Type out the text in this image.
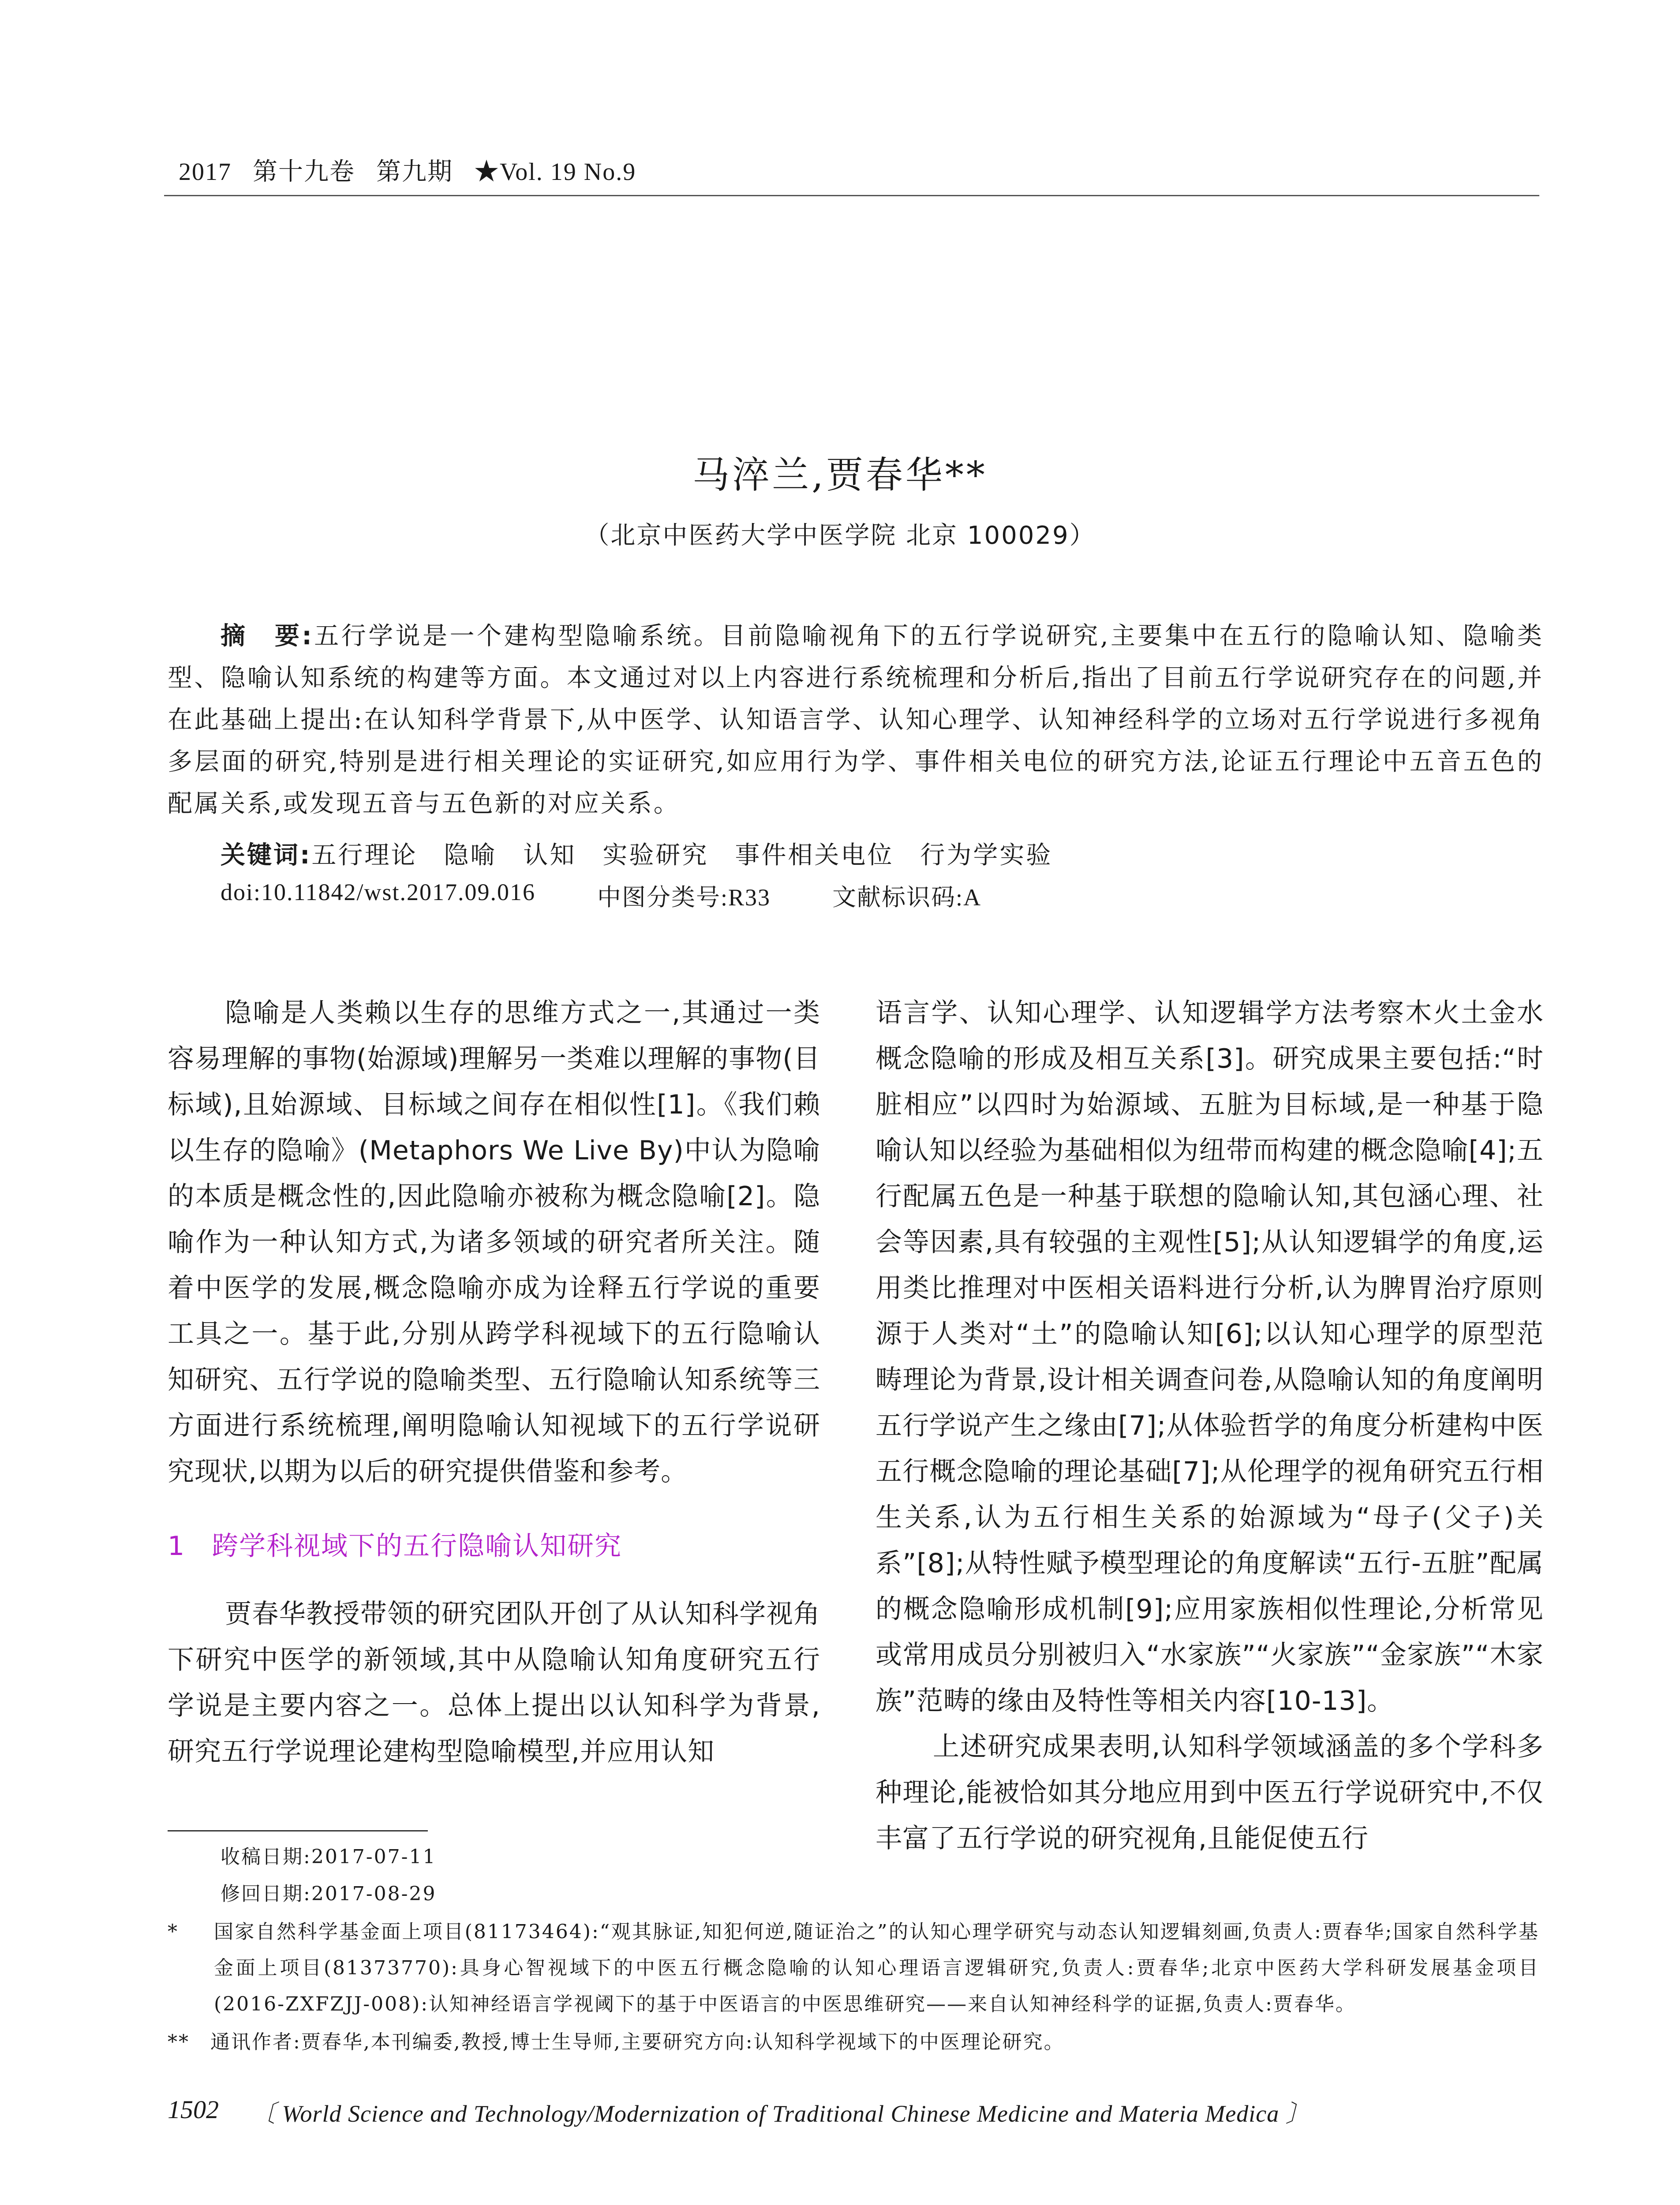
2017   第十九卷   第九期   ★Vol. 19 No.9
马淬兰,贾春华**
（北京中医药大学中医学院 北京 100029）
摘　要:五行学说是一个建构型隐喻系统。目前隐喻视角下的五行学说研究,主要集中在五行的隐喻认知、隐喻类型、隐喻认知系统的构建等方面。本文通过对以上内容进行系统梳理和分析后,指出了目前五行学说研究存在的问题,并在此基础上提出:在认知科学背景下,从中医学、认知语言学、认知心理学、认知神经科学的立场对五行学说进行多视角多层面的研究,特别是进行相关理论的实证研究,如应用行为学、事件相关电位的研究方法,论证五行理论中五音五色的配属关系,或发现五音与五色新的对应关系。
关键词:五行理论　隐喻　认知　实验研究　事件相关电位　行为学实验
doi:10.11842/wst.2017.09.016	中图分类号:R33	文献标识码:A

隐喻是人类赖以生存的思维方式之一,其通过一类容易理解的事物(始源域)理解另一类难以理解的事物(目标域),且始源域、目标域之间存在相似性[1]。《我们赖以生存的隐喻》(Metaphors We Live By)中认为隐喻的本质是概念性的,因此隐喻亦被称为概念隐喻[2]。隐喻作为一种认知方式,为诸多领域的研究者所关注。随着中医学的发展,概念隐喻亦成为诠释五行学说的重要工具之一。基于此,分别从跨学科视域下的五行隐喻认知研究、五行学说的隐喻类型、五行隐喻认知系统等三方面进行系统梳理,阐明隐喻认知视域下的五行学说研究现状,以期为以后的研究提供借鉴和参考。

1 跨学科视域下的五行隐喻认知研究

贾春华教授带领的研究团队开创了从认知科学视角下研究中医学的新领域,其中从隐喻认知角度研究五行学说是主要内容之一。总体上提出以认知科学为背景,研究五行学说理论建构型隐喻模型,并应用认知

语言学、认知心理学、认知逻辑学方法考察木火土金水概念隐喻的形成及相互关系[3]。研究成果主要包括:“时脏相应”以四时为始源域、五脏为目标域,是一种基于隐喻认知以经验为基础相似为纽带而构建的概念隐喻[4];五行配属五色是一种基于联想的隐喻认知,其包涵心理、社会等因素,具有较强的主观性[5];从认知逻辑学的角度,运用类比推理对中医相关语料进行分析,认为脾胃治疗原则源于人类对“土”的隐喻认知[6];以认知心理学的原型范畴理论为背景,设计相关调查问卷,从隐喻认知的角度阐明五行学说产生之缘由[7];从体验哲学的角度分析建构中医五行概念隐喻的理论基础[7];从伦理学的视角研究五行相生关系,认为五行相生关系的始源域为“母子(父子)关系”[8];从特性赋予模型理论的角度解读“五行-五脏”配属的概念隐喻形成机制[9];应用家族相似性理论,分析常见或常用成员分别被归入“水家族”“火家族”“金家族”“木家族”范畴的缘由及特性等相关内容[10-13]。

上述研究成果表明,认知科学领域涵盖的多个学科多种理论,能被恰如其分地应用到中医五行学说研究中,不仅丰富了五行学说的研究视角,且能促使五行

收稿日期:2017-07-11
修回日期:2017-08-29
* 国家自然科学基金面上项目(81173464):“观其脉证,知犯何逆,随证治之”的认知心理学研究与动态认知逻辑刻画,负责人:贾春华;国家自然科学基金面上项目(81373770):具身心智视域下的中医五行概念隐喻的认知心理语言逻辑研究,负责人:贾春华;北京中医药大学科研发展基金项目(2016-ZXFZJJ-008):认知神经语言学视阈下的基于中医语言的中医思维研究——来自认知神经科学的证据,负责人:贾春华。
**　通讯作者:贾春华,本刊编委,教授,博士生导师,主要研究方向:认知科学视域下的中医理论研究。
1502 〔 World Science and Technology/Modernization of Traditional Chinese Medicine and Materia Medica 〕
